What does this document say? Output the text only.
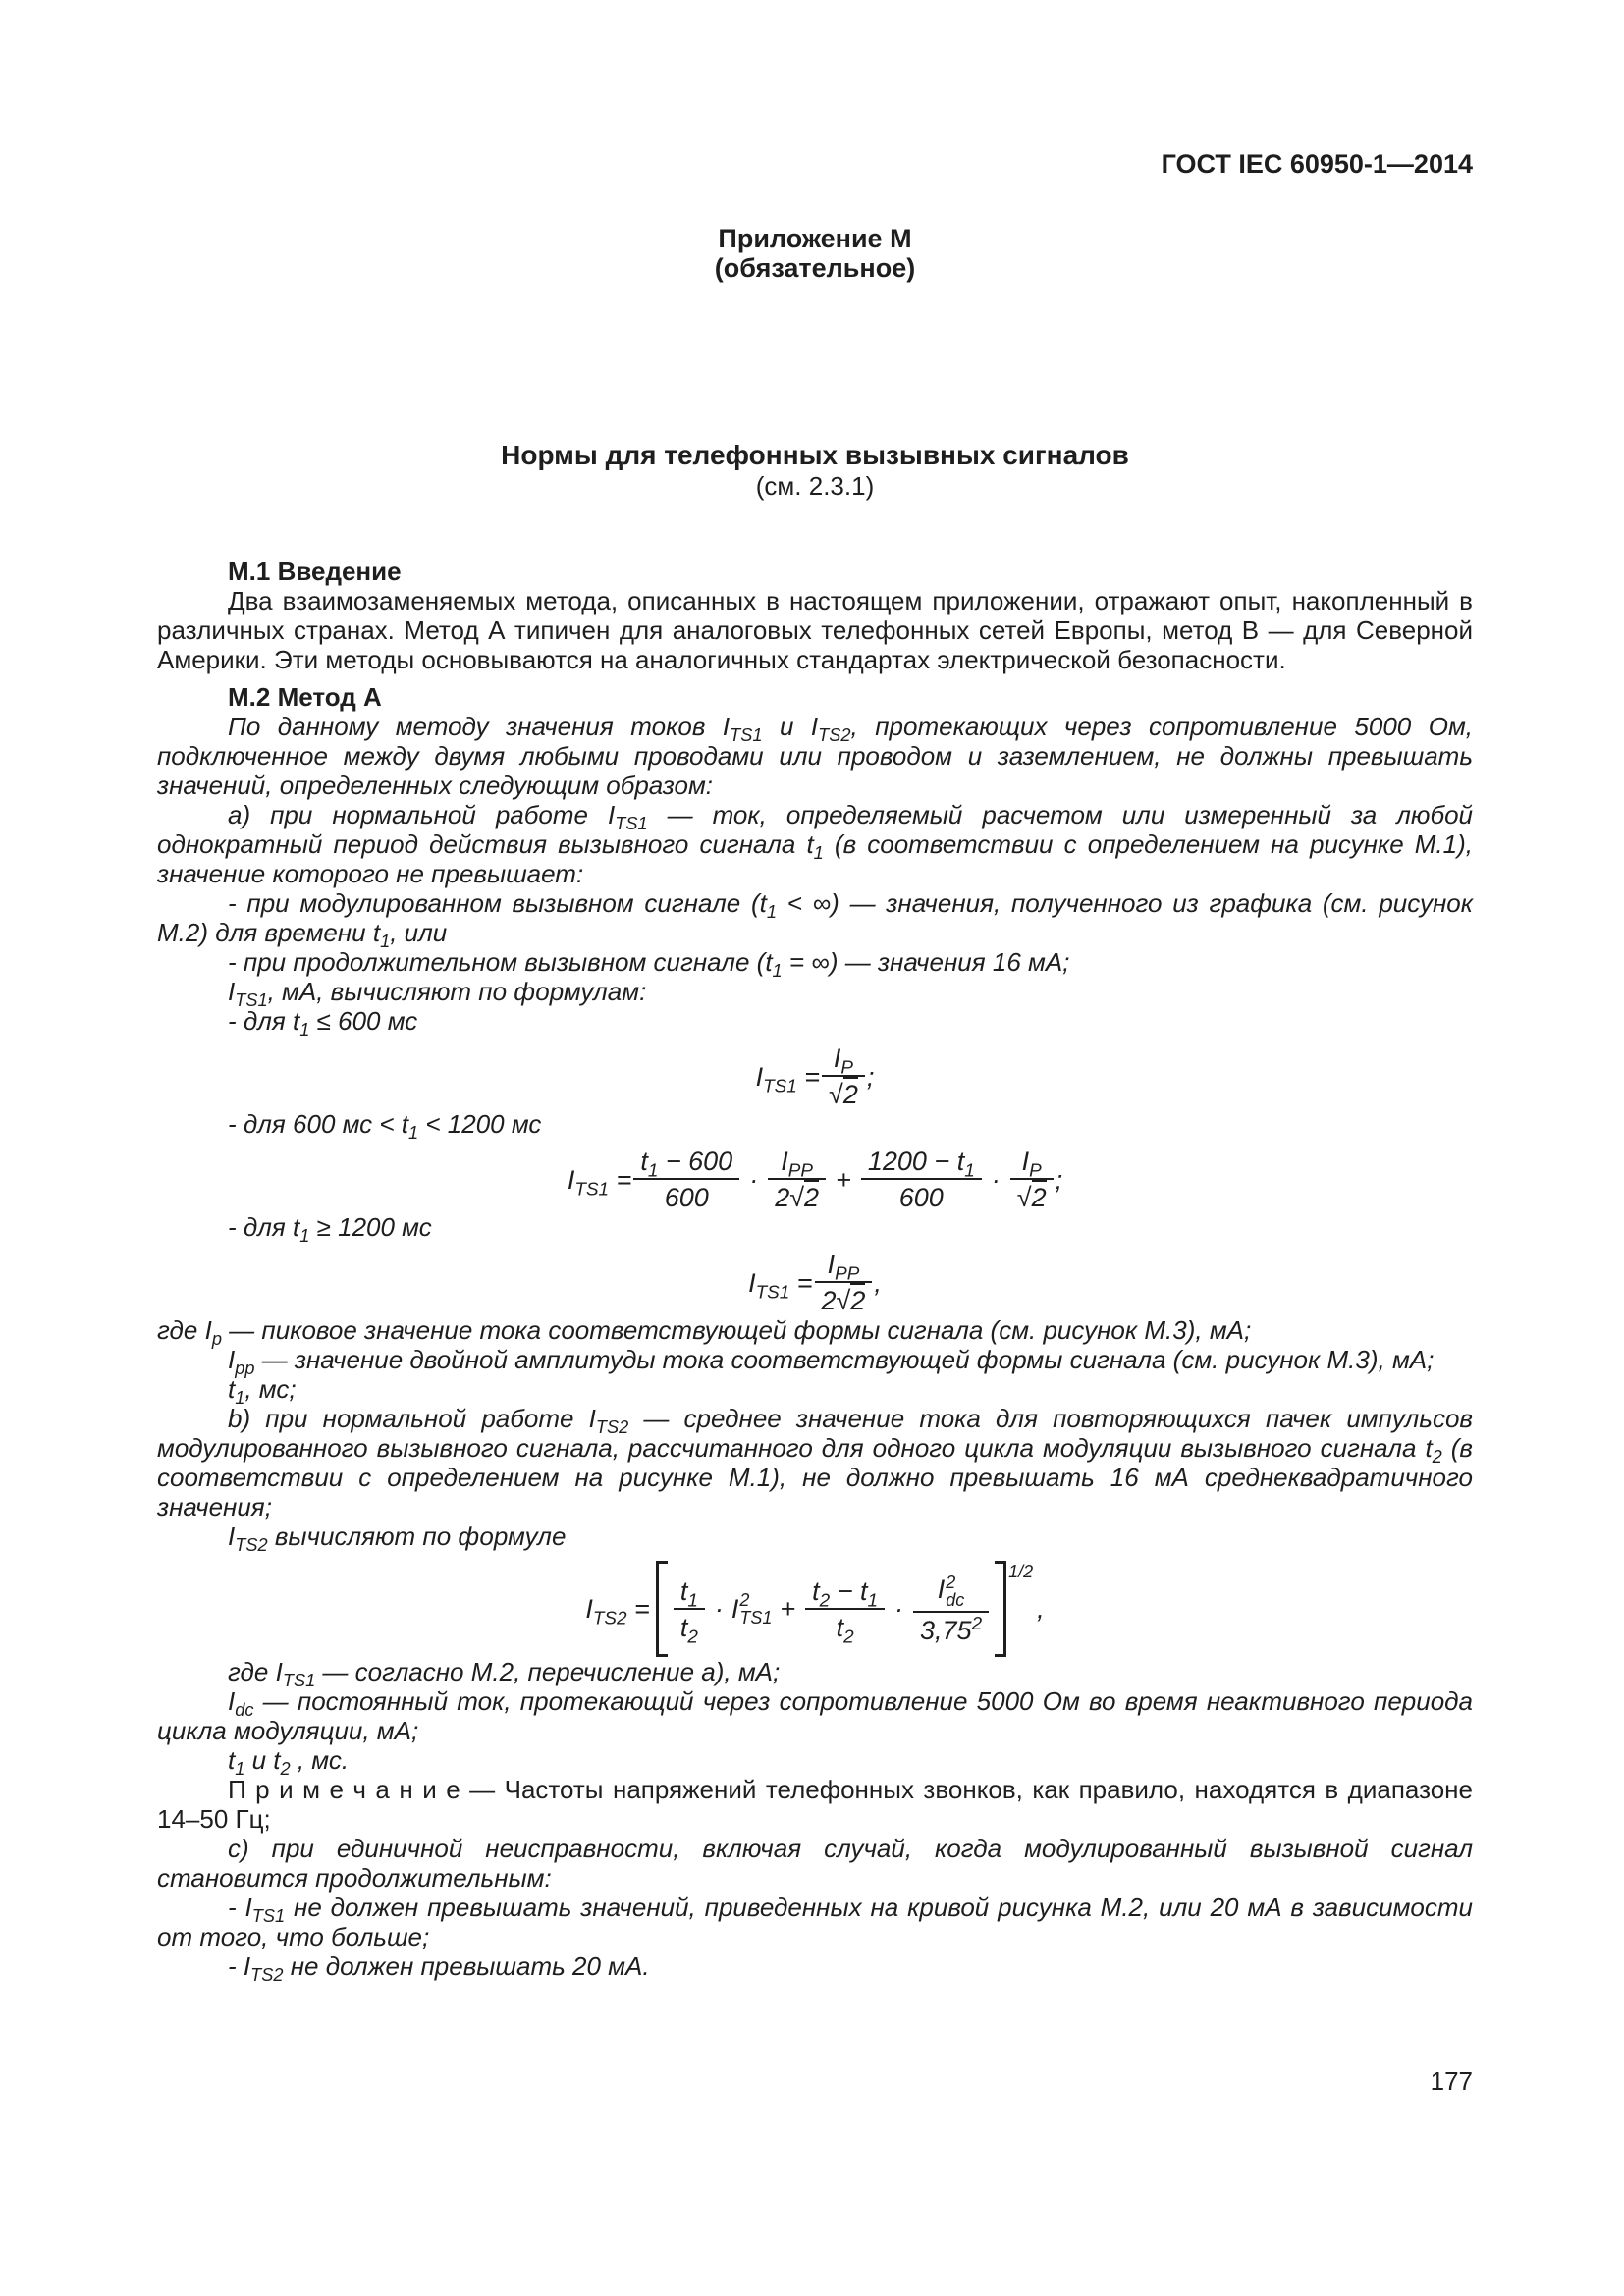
ГОСТ IEC 60950-1—2014
Приложение М
(обязательное)
Нормы для телефонных вызывных сигналов
(см. 2.3.1)
М.1 Введение

Два взаимозаменяемых метода, описанных в настоящем приложении, отражают опыт, накопленный в различных странах. Метод А типичен для аналоговых телефонных сетей Европы, метод В — для Северной Америки. Эти методы основываются на аналогичных стандартах электрической безопасности.

М.2 Метод А

По данному методу значения токов $I_{TS1}$ и $I_{TS2}$, протекающих через сопротивление 5000 Ом, подключенное между двумя любыми проводами или проводом и заземлением, не должны превышать значений, определенных следующим образом:

а) при нормальной работе $I_{TS1}$ — ток, определяемый расчетом или измеренный за любой однократный период действия вызывного сигнала $t_1$ (в соответствии с определением на рисунке М.1), значение которого не превышает:

- при модулированном вызывном сигнале ($t_1$ < ∞) — значения, полученного из графика (см. рисунок М.2) для времени $t_1$, или

- при продолжительном вызывном сигнале ($t_1$ = ∞) — значения 16 мА;

$I_{TS1}$, мА, вычисляют по формулам:

- для $t_1 \le 600$ мс

$I_{TS1} = \frac{I_P}{√2}$ ;

- для 600 мс < $t_1 < 1200$ мс

$I_{TS1} = \frac{t_1 - 600}{600} \cdot \frac{I_{PP}}{2√2} + \frac{1200 - t_1}{600} \cdot \frac{I_P}{√2}$ ;

- для $t_1 \ge 1200$ мс

$I_{TS1} = \frac{I_{PP}}{2√2}$ ,

где $I_p$ — пиковое значение тока соответствующей формы сигнала (см. рисунок М.3), мА;

$I_{pp}$ — значение двойной амплитуды тока соответствующей формы сигнала (см. рисунок М.3), мА;

$t_1$, мс;

b) при нормальной работе $I_{TS2}$ — среднее значение тока для повторяющихся пачек импульсов модулированного вызывного сигнала, рассчитанного для одного цикла модуляции вызывного сигнала $t_2$ (в соответствии с определением на рисунке М.1), не должно превышать 16 мА среднеквадратичного значения;

$I_{TS2}$ вычисляют по формуле

$I_{TS2} = \frac{t_1}{t_2} \cdot I$ 2
$TS1 + \frac{t_2 - t_1}{t_2} \cdot I$ 2
dc
3,75$^2$
1/2,

где $I_{TS1}$ — согласно М.2, перечисление а), мА;

$I_{dc}$ — постоянный ток, протекающий через сопротивление 5000 Ом во время неактивного периода цикла модуляции, мА;

$t_1$ и $t_2$ , мс.

П р и м е ч а н и е — Частоты напряжений телефонных звонков, как правило, находятся в диапазоне 14–50 Гц;

с) при единичной неисправности, включая случай, когда модулированный вызывной сигнал становится продолжительным:

- $I_{TS1}$ не должен превышать значений, приведенных на кривой рисунка М.2, или 20 мА в зависимости от того, что больше;

- $I_{TS2}$ не должен превышать 20 мА.

177
